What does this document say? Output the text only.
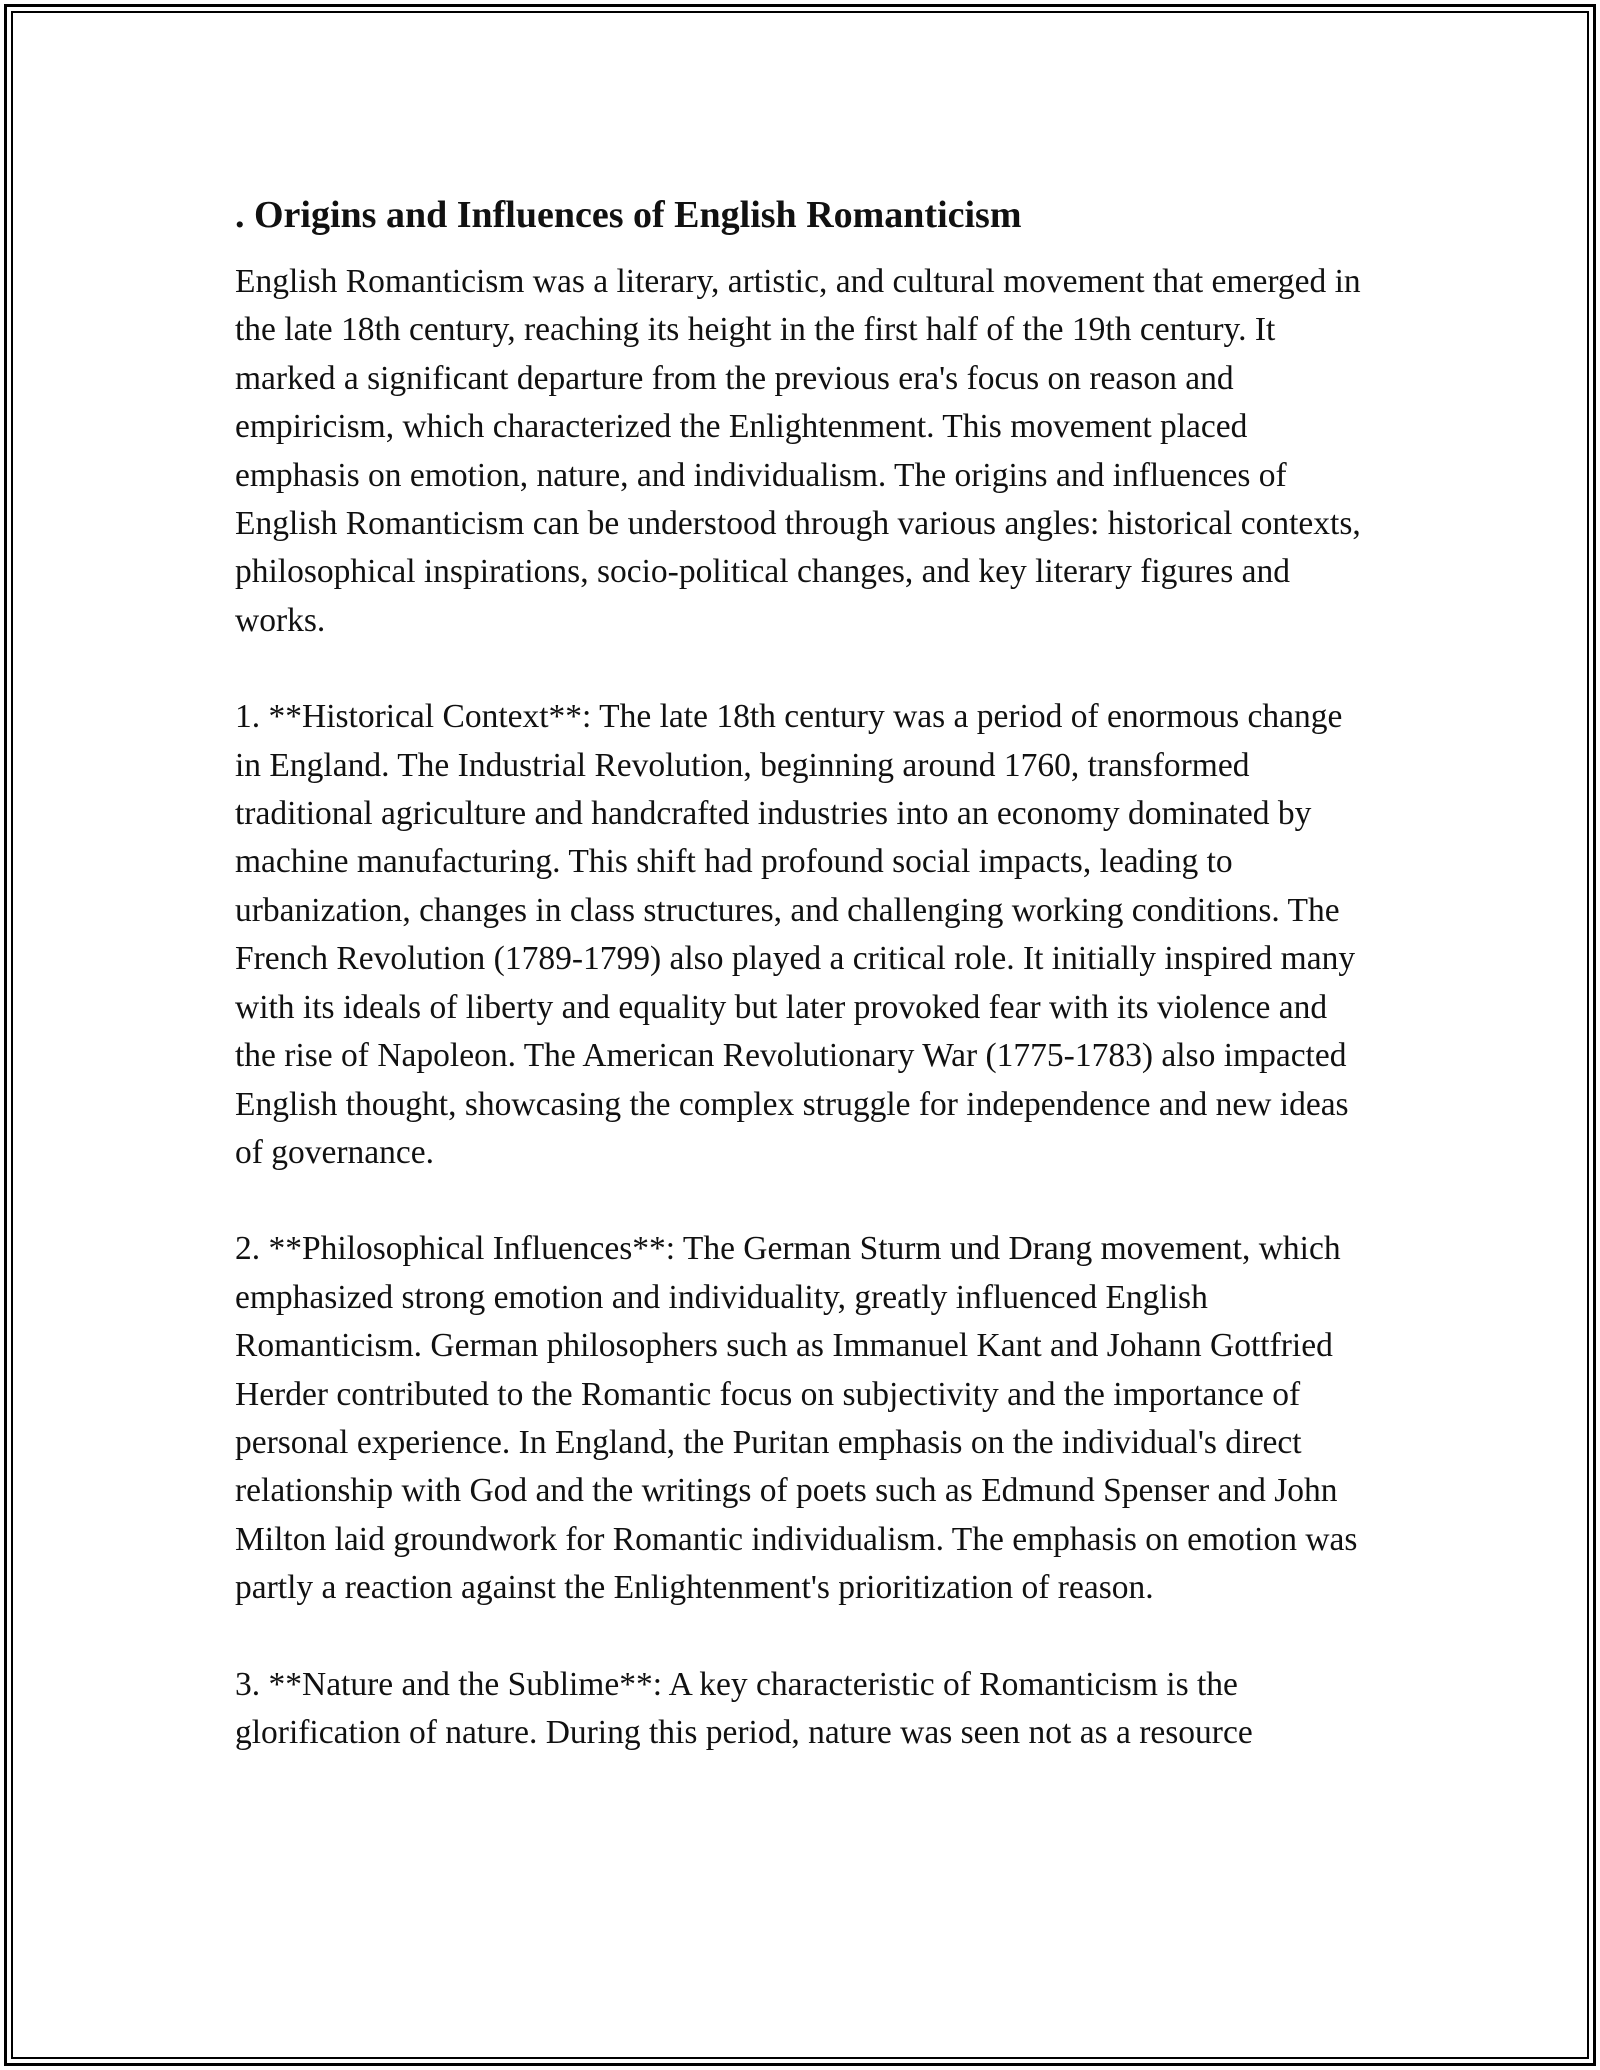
. Origins and Influences of English Romanticism

English Romanticism was a literary, artistic, and cultural movement that emerged in the late 18th century, reaching its height in the first half of the 19th century. It marked a significant departure from the previous era's focus on reason and empiricism, which characterized the Enlightenment. This movement placed emphasis on emotion, nature, and individualism. The origins and influences of English Romanticism can be understood through various angles: historical contexts, philosophical inspirations, socio-political changes, and key literary figures and works.

1. **Historical Context**: The late 18th century was a period of enormous change in England. The Industrial Revolution, beginning around 1760, transformed traditional agriculture and handcrafted industries into an economy dominated by machine manufacturing. This shift had profound social impacts, leading to urbanization, changes in class structures, and challenging working conditions. The French Revolution (1789-1799) also played a critical role. It initially inspired many with its ideals of liberty and equality but later provoked fear with its violence and the rise of Napoleon. The American Revolutionary War (1775-1783) also impacted English thought, showcasing the complex struggle for independence and new ideas of governance.

2. **Philosophical Influences**: The German Sturm und Drang movement, which emphasized strong emotion and individuality, greatly influenced English Romanticism. German philosophers such as Immanuel Kant and Johann Gottfried Herder contributed to the Romantic focus on subjectivity and the importance of personal experience. In England, the Puritan emphasis on the individual's direct relationship with God and the writings of poets such as Edmund Spenser and John Milton laid groundwork for Romantic individualism. The emphasis on emotion was partly a reaction against the Enlightenment's prioritization of reason.

3. **Nature and the Sublime**: A key characteristic of Romanticism is the glorification of nature. During this period, nature was seen not as a resource
